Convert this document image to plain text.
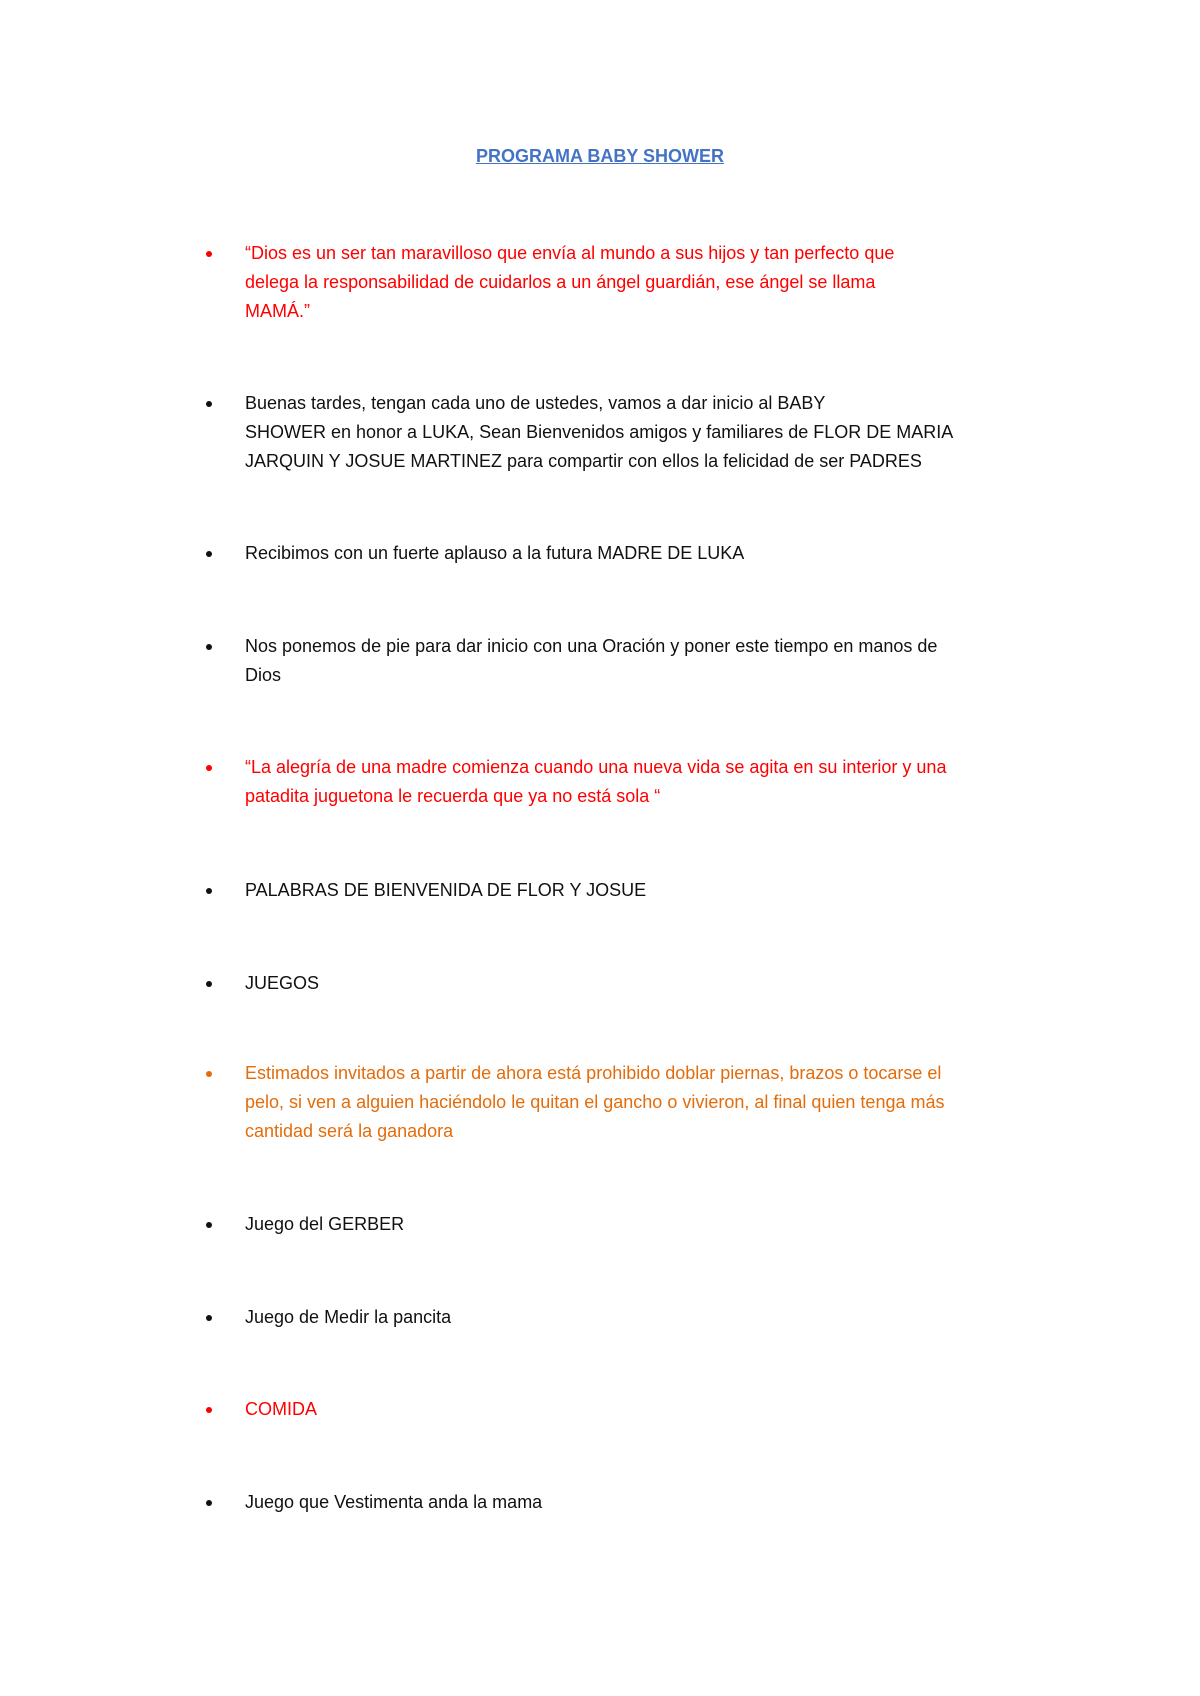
PROGRAMA BABY SHOWER
“Dios es un ser tan maravilloso que envía al mundo a sus hijos y tan perfecto que
delega la responsabilidad de cuidarlos a un ángel guardián, ese ángel se llama
MAMÁ.”
Buenas tardes, tengan cada uno de ustedes, vamos a dar inicio al BABY
SHOWER en honor a LUKA, Sean Bienvenidos amigos y familiares de FLOR DE MARIA
JARQUIN Y JOSUE MARTINEZ para compartir con ellos la felicidad de ser PADRES
Recibimos con un fuerte aplauso a la futura MADRE DE LUKA
Nos ponemos de pie para dar inicio con una Oración y poner este tiempo en manos de
Dios
“La alegría de una madre comienza cuando una nueva vida se agita en su interior y una
patadita juguetona le recuerda que ya no está sola “
PALABRAS DE BIENVENIDA DE FLOR Y JOSUE
JUEGOS
Estimados invitados a partir de ahora está prohibido doblar piernas, brazos o tocarse el
pelo, si ven a alguien haciéndolo le quitan el gancho o vivieron, al final quien tenga más
cantidad será la ganadora
Juego del GERBER
Juego de Medir la pancita
COMIDA
Juego que Vestimenta anda la mama
